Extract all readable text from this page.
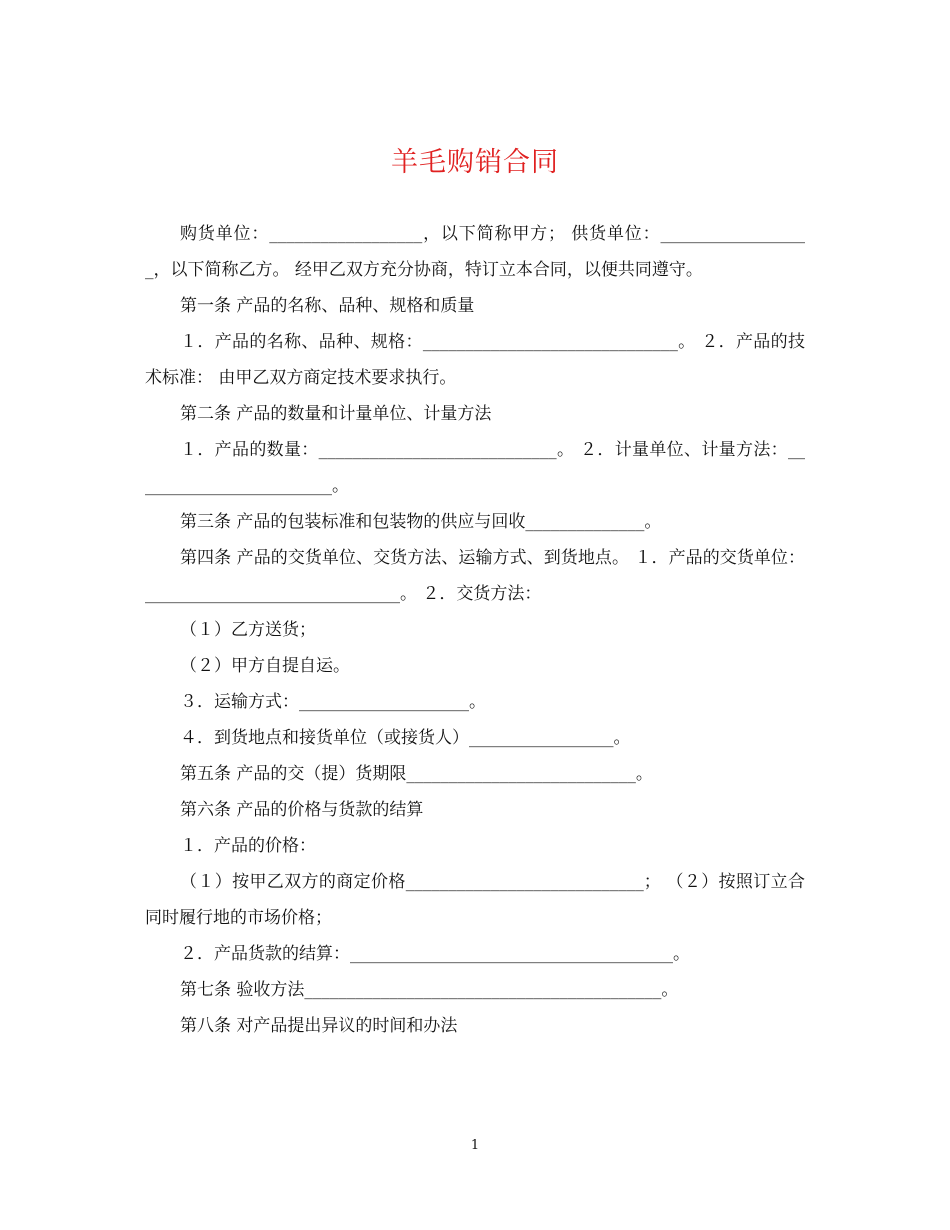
羊毛购销合同

购货单位：__________________，以下简称甲方； 供货单位：__________________，以下简称乙方。 经甲乙双方充分协商，特订立本合同，以便共同遵守。

第一条 产品的名称、品种、规格和质量

１．产品的名称、品种、规格：______________________________。 ２．产品的技术标准： 由甲乙双方商定技术要求执行。

第二条 产品的数量和计量单位、计量方法

１．产品的数量：____________________________。 ２．计量单位、计量方法：________________________。

第三条 产品的包装标准和包装物的供应与回收______________。

第四条 产品的交货单位、交货方法、运输方式、到货地点。 １．产品的交货单位：______________________________。 ２．交货方法：

（１）乙方送货；

（２）甲方自提自运。

３．运输方式：____________________。

４．到货地点和接货单位（或接货人）_________________。

第五条 产品的交（提）货期限___________________________。

第六条 产品的价格与货款的结算

１．产品的价格：

（１）按甲乙双方的商定价格____________________________； （２）按照订立合同时履行地的市场价格；

２．产品货款的结算：______________________________________。

第七条 验收方法__________________________________________。

第八条 对产品提出异议的时间和办法

1
